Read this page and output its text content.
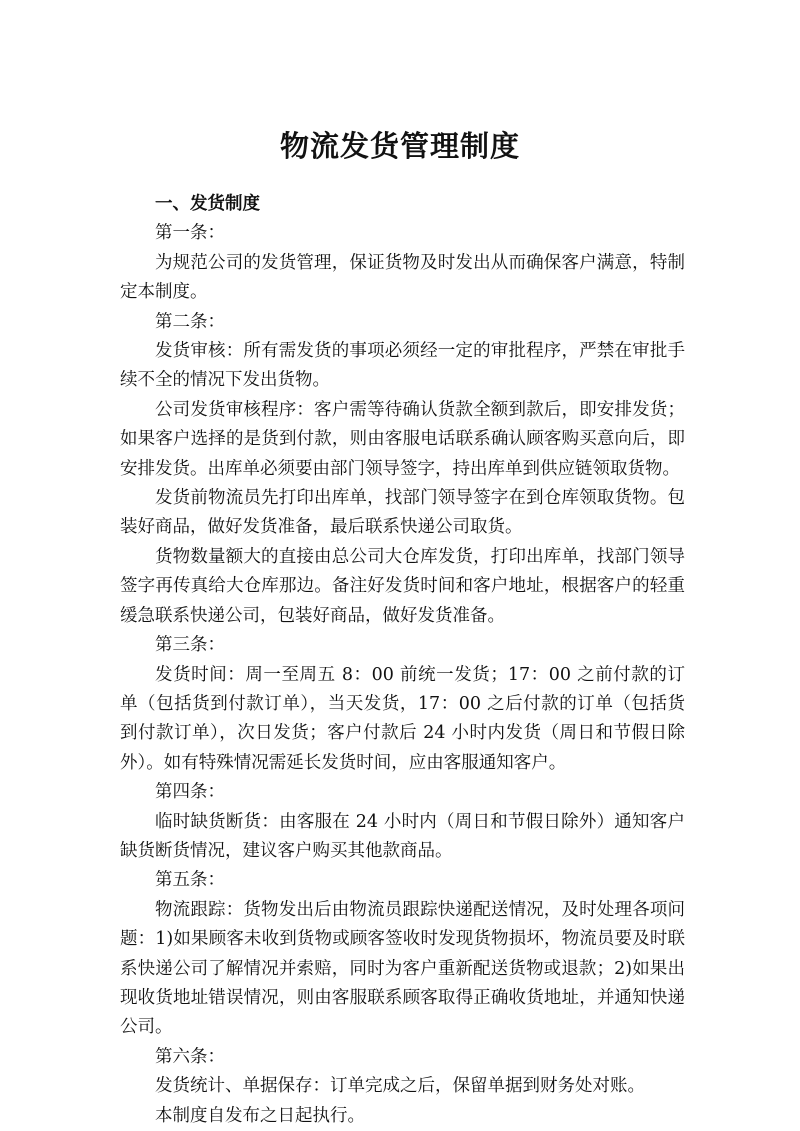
物流发货管理制度

一、发货制度

第一条：

为规范公司的发货管理，保证货物及时发出从而确保客户满意，特制定本制度。

第二条：

发货审核：所有需发货的事项必须经一定的审批程序，严禁在审批手续不全的情况下发出货物。

公司发货审核程序：客户需等待确认货款全额到款后，即安排发货；如果客户选择的是货到付款，则由客服电话联系确认顾客购买意向后，即安排发货。出库单必须要由部门领导签字，持出库单到供应链领取货物。

发货前物流员先打印出库单，找部门领导签字在到仓库领取货物。包装好商品，做好发货准备，最后联系快递公司取货。

货物数量额大的直接由总公司大仓库发货，打印出库单，找部门领导签字再传真给大仓库那边。备注好发货时间和客户地址，根据客户的轻重缓急联系快递公司，包装好商品，做好发货准备。

第三条：

发货时间：周一至周五 8：00 前统一发货；17：00 之前付款的订单（包括货到付款订单），当天发货，17：00 之后付款的订单（包括货到付款订单），次日发货；客户付款后 24 小时内发货（周日和节假日除外）。如有特殊情况需延长发货时间，应由客服通知客户。

第四条：

临时缺货断货：由客服在 24 小时内（周日和节假日除外）通知客户缺货断货情况，建议客户购买其他款商品。

第五条：

物流跟踪：货物发出后由物流员跟踪快递配送情况，及时处理各项问题：1)如果顾客未收到货物或顾客签收时发现货物损坏，物流员要及时联系快递公司了解情况并索赔，同时为客户重新配送货物或退款；2)如果出现收货地址错误情况，则由客服联系顾客取得正确收货地址，并通知快递公司。

第六条：

发货统计、单据保存：订单完成之后，保留单据到财务处对账。

本制度自发布之日起执行。
